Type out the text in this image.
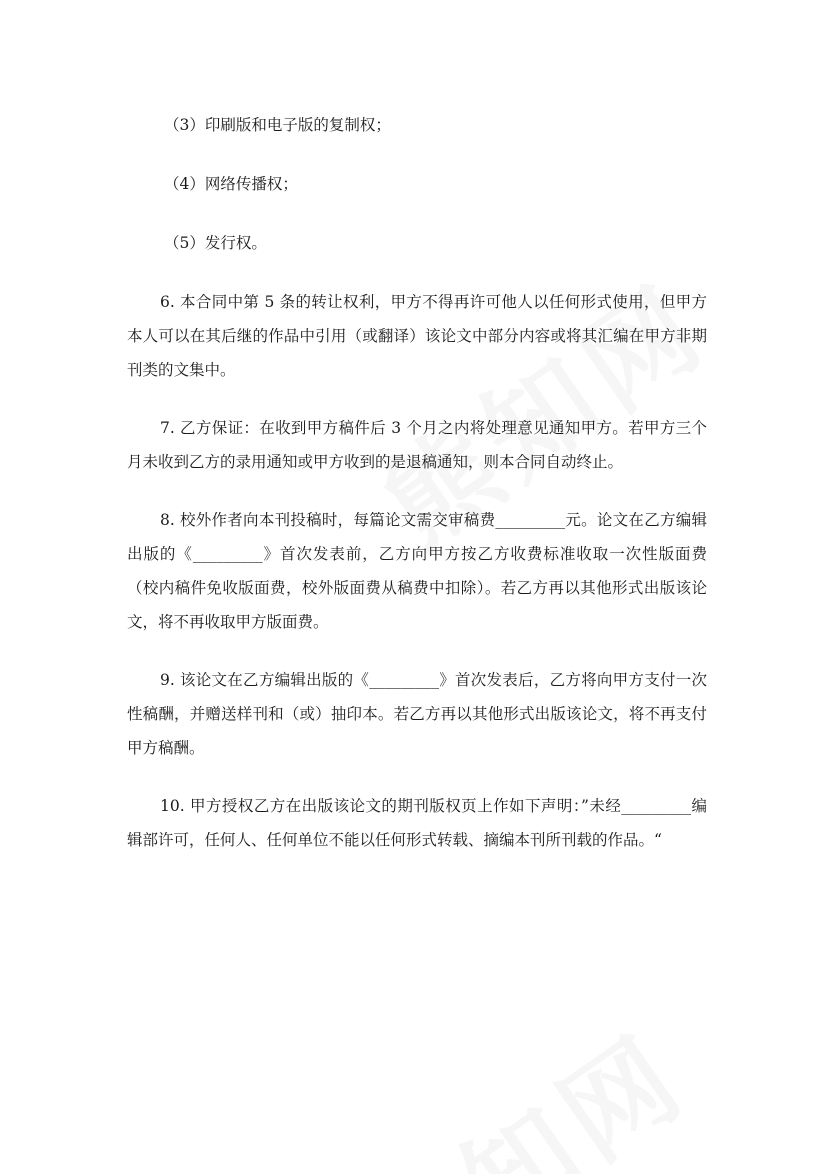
（3）印刷版和电子版的复制权；

（4）网络传播权；

（5）发行权。

6. 本合同中第 5 条的转让权利，甲方不得再许可他人以任何形式使用，但甲方本人可以在其后继的作品中引用（或翻译）该论文中部分内容或将其汇编在甲方非期刊类的文集中。

7. 乙方保证：在收到甲方稿件后 3 个月之内将处理意见通知甲方。若甲方三个月未收到乙方的录用通知或甲方收到的是退稿通知，则本合同自动终止。

8. 校外作者向本刊投稿时，每篇论文需交审稿费_________元。论文在乙方编辑出版的《_________》首次发表前，乙方向甲方按乙方收费标准收取一次性版面费（校内稿件免收版面费，校外版面费从稿费中扣除）。若乙方再以其他形式出版该论文，将不再收取甲方版面费。

9. 该论文在乙方编辑出版的《_________》首次发表后，乙方将向甲方支付一次性稿酬，并赠送样刊和（或）抽印本。若乙方再以其他形式出版该论文，将不再支付甲方稿酬。

10. 甲方授权乙方在出版该论文的期刊版权页上作如下声明：”未经_________编辑部许可，任何人、任何单位不能以任何形式转载、摘编本刊所刊载的作品。“
